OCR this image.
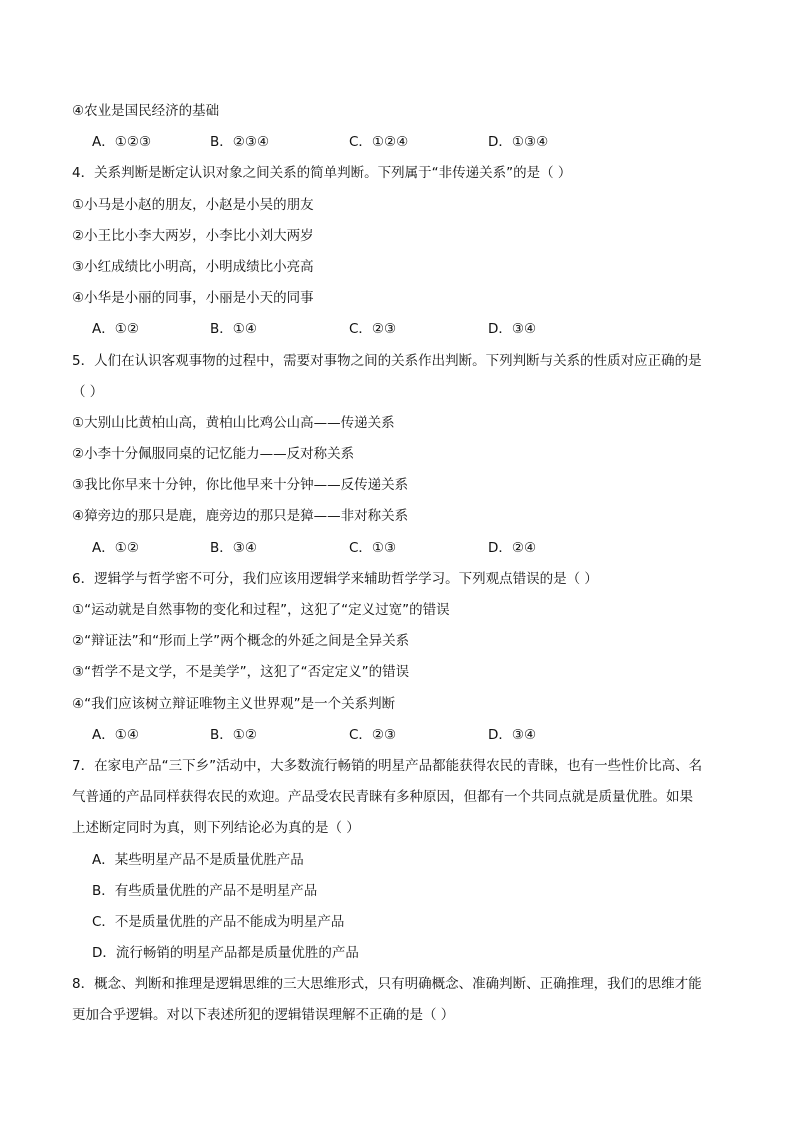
④农业是国民经济的基础
A．①②③	B．②③④	C．①②④	D．①③④
4．关系判断是断定认识对象之间关系的简单判断。下列属于“非传递关系”的是（ ）
①小马是小赵的朋友，小赵是小吴的朋友
②小王比小李大两岁，小李比小刘大两岁
③小红成绩比小明高，小明成绩比小亮高
④小华是小丽的同事，小丽是小天的同事
A．①②	B．①④	C．②③	D．③④
5．人们在认识客观事物的过程中，需要对事物之间的关系作出判断。下列判断与关系的性质对应正确的是
（ ）
①大别山比黄柏山高，黄柏山比鸡公山高——传递关系
②小李十分佩服同桌的记忆能力——反对称关系
③我比你早来十分钟，你比他早来十分钟——反传递关系
④獐旁边的那只是鹿，鹿旁边的那只是獐——非对称关系
A．①②	B．③④	C．①③	D．②④
6．逻辑学与哲学密不可分，我们应该用逻辑学来辅助哲学学习。下列观点错误的是（ ）
①“运动就是自然事物的变化和过程”，这犯了“定义过宽”的错误
②“辩证法”和“形而上学”两个概念的外延之间是全异关系
③“哲学不是文学，不是美学”，这犯了“否定定义”的错误
④“我们应该树立辩证唯物主义世界观”是一个关系判断
A．①④	B．①②	C．②③	D．③④
7．在家电产品“三下乡”活动中，大多数流行畅销的明星产品都能获得农民的青睐，也有一些性价比高、名
气普通的产品同样获得农民的欢迎。产品受农民青睐有多种原因，但都有一个共同点就是质量优胜。如果
上述断定同时为真，则下列结论必为真的是（ ）
A．某些明星产品不是质量优胜产品
B．有些质量优胜的产品不是明星产品
C．不是质量优胜的产品不能成为明星产品
D．流行畅销的明星产品都是质量优胜的产品
8．概念、判断和推理是逻辑思维的三大思维形式，只有明确概念、准确判断、正确推理，我们的思维才能
更加合乎逻辑。对以下表述所犯的逻辑错误理解不正确的是（ ）
